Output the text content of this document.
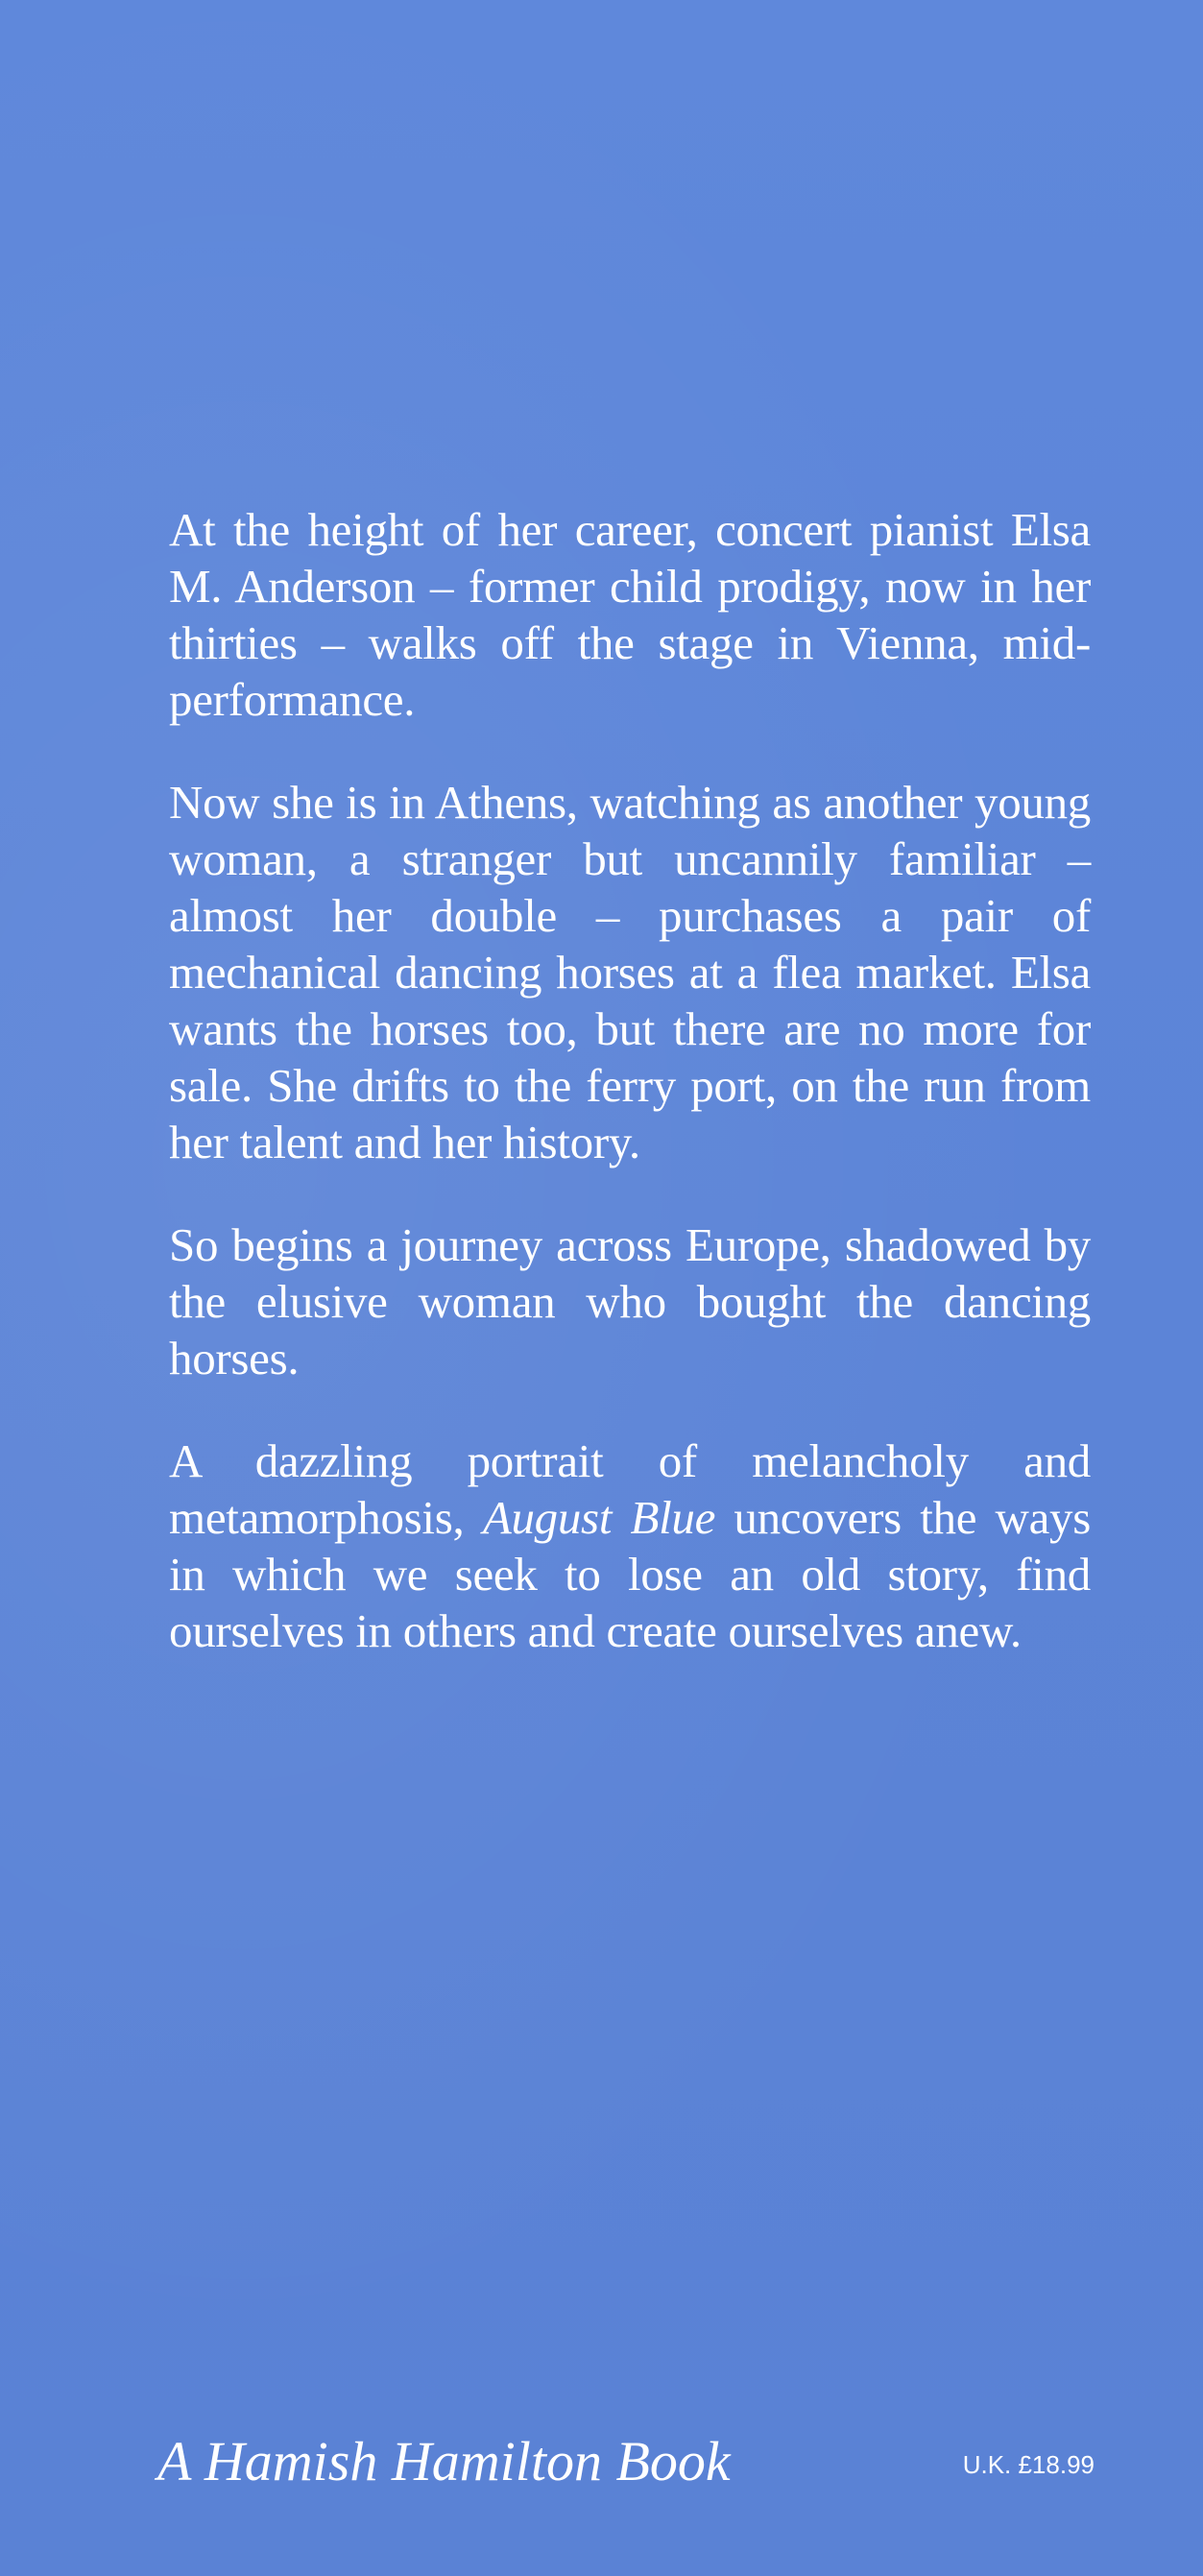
At the height of her career, concert pianist Elsa M. Anderson – former child prodigy, now in her thirties – walks off the stage in Vienna, mid-performance.

Now she is in Athens, watching as another young woman, a stranger but uncannily familiar – almost her double – purchases a pair of mechanical dancing horses at a flea market. Elsa wants the horses too, but there are no more for sale. She drifts to the ferry port, on the run from her talent and her history.

So begins a journey across Europe, shadowed by the elusive woman who bought the dancing horses.

A dazzling portrait of melancholy and metamorphosis, August Blue uncovers the ways in which we seek to lose an old story, find ourselves in others and create ourselves anew.

A Hamish Hamilton Book	U.K. £18.99
